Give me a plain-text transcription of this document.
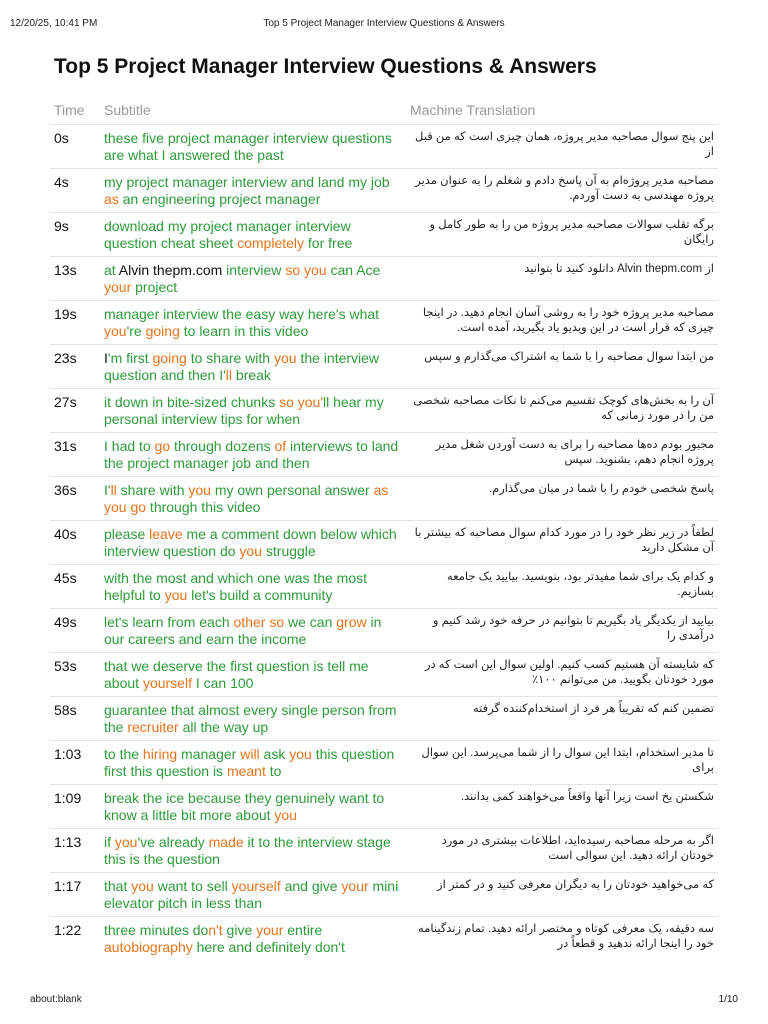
12/20/25, 10:41 PM	Top 5 Project Manager Interview Questions & Answers
Top 5 Project Manager Interview Questions & Answers
Time	Subtitle	Machine Translation
0s	these five project manager interview questions are what I answered the past	این پنج سوال مصاحبه مدیر پروژه، همان چیزی است که من قبل از
4s	my project manager interview and land my job as an engineering project manager	مصاحبه مدیر پروژه‌ام به آن پاسخ دادم و شغلم را به عنوان مدیر پروژه مهندسی به دست آوردم.
9s	download my project manager interview question cheat sheet completely for free	برگه تقلب سوالات مصاحبه مدیر پروژه من را به طور کامل و رایگان
13s	at Alvin thepm.com interview so you can Ace your project	از Alvin thepm.com دانلود کنید تا بتوانید
19s	manager interview the easy way here's what you're going to learn in this video	مصاحبه مدیر پروژه خود را به روشی آسان انجام دهید. در اینجا چیزی که قرار است در این ویدیو یاد بگیرید، آمده است.
23s	I'm first going to share with you the interview question and then I'll break	من ابتدا سوال مصاحبه را با شما به اشتراک می‌گذارم و سپس
27s	it down in bite-sized chunks so you'll hear my personal interview tips for when	آن را به بخش‌های کوچک تقسیم می‌کنم تا نکات مصاحبه شخصی من را در مورد زمانی که
31s	I had to go through dozens of interviews to land the project manager job and then	مجبور بودم ده‌ها مصاحبه را برای به دست آوردن شغل مدیر پروژه انجام دهم، بشنوید. سپس
36s	I'll share with you my own personal answer as you go through this video	پاسخ شخصی خودم را با شما در میان می‌گذارم.
40s	please leave me a comment down below which interview question do you struggle	لطفاً در زیر نظر خود را در مورد کدام سوال مصاحبه که بیشتر با آن مشکل دارید
45s	with the most and which one was the most helpful to you let's build a community	و کدام یک برای شما مفیدتر بود، بنویسید. بیایید یک جامعه بسازیم.
49s	let's learn from each other so we can grow in our careers and earn the income	بیایید از یکدیگر یاد بگیریم تا بتوانیم در حرفه خود رشد کنیم و درآمدی را
53s	that we deserve the first question is tell me about yourself I can 100	که شایسته آن هستیم کسب کنیم. اولین سوال این است که در مورد خودتان بگویید. من می‌توانم ۱۰۰٪
58s	guarantee that almost every single person from the recruiter all the way up	تضمین کنم که تقریباً هر فرد از استخدام‌کننده گرفته
1:03	to the hiring manager will ask you this question first this question is meant to	تا مدیر استخدام، ابتدا این سوال را از شما می‌پرسد. این سوال برای
1:09	break the ice because they genuinely want to know a little bit more about you	شکستن یخ است زیرا آنها واقعاً می‌خواهند کمی بدانند.
1:13	if you've already made it to the interview stage this is the question	اگر به مرحله مصاحبه رسیده‌اید، اطلاعات بیشتری در مورد خودتان ارائه دهید. این سوالی است
1:17	that you want to sell yourself and give your mini elevator pitch in less than	که می‌خواهید خودتان را به دیگران معرفی کنید و در کمتر از
1:22	three minutes don't give your entire autobiography here and definitely don't	سه دقیقه، یک معرفی کوتاه و مختصر ارائه دهید. تمام زندگینامه خود را اینجا ارائه ندهید و قطعاً در
about:blank	1/10
